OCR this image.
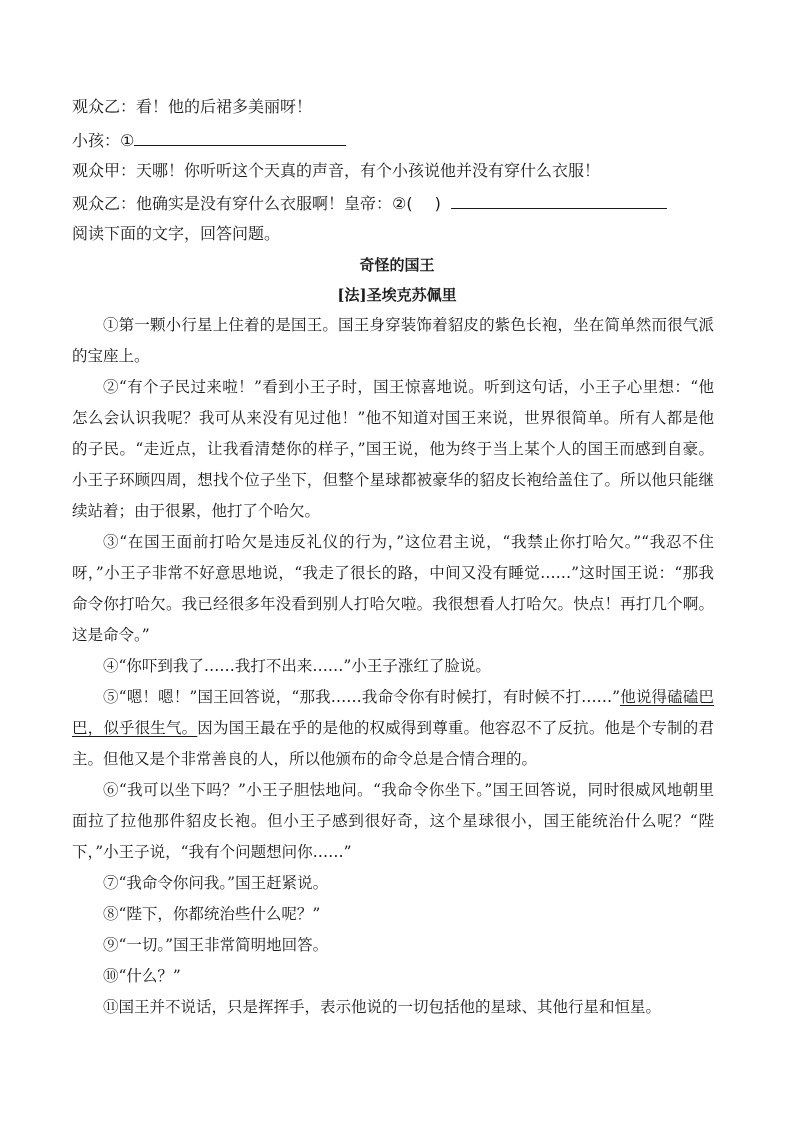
观众乙：看！他的后裙多美丽呀！
小孩：①
观众甲：天哪！你听听这个天真的声音，有个小孩说他并没有穿什么衣服！
观众乙：他确实是没有穿什么衣服啊！皇帝：②( )
阅读下面的文字，回答问题。
奇怪的国王
[法]圣埃克苏佩里

①第一颗小行星上住着的是国王。国王身穿装饰着貂皮的紫色长袍，坐在简单然而很气派的宝座上。

②“有个子民过来啦！”看到小王子时，国王惊喜地说。听到这句话，小王子心里想：“他怎么会认识我呢？我可从来没有见过他！”他不知道对国王来说，世界很简单。所有人都是他的子民。“走近点，让我看清楚你的样子，”国王说，他为终于当上某个人的国王而感到自豪。小王子环顾四周，想找个位子坐下，但整个星球都被豪华的貂皮长袍给盖住了。所以他只能继续站着；由于很累，他打了个哈欠。

③“在国王面前打哈欠是违反礼仪的行为，”这位君主说，“我禁止你打哈欠。”“我忍不住呀，”小王子非常不好意思地说，“我走了很长的路，中间又没有睡觉……”这时国王说：“那我命令你打哈欠。我已经很多年没看到别人打哈欠啦。我很想看人打哈欠。快点！再打几个啊。这是命令。”

④“你吓到我了……我打不出来……”小王子涨红了脸说。

⑤“嗯！嗯！”国王回答说，“那我……我命令你有时候打，有时候不打……”他说得磕磕巴巴，似乎很生气。因为国王最在乎的是他的权威得到尊重。他容忍不了反抗。他是个专制的君主。但他又是个非常善良的人，所以他颁布的命令总是合情合理的。

⑥“我可以坐下吗？”小王子胆怯地问。“我命令你坐下。”国王回答说，同时很威风地朝里面拉了拉他那件貂皮长袍。但小王子感到很好奇，这个星球很小，国王能统治什么呢？“陛下，”小王子说，“我有个问题想问你……”

⑦“我命令你问我。”国王赶紧说。

⑧“陛下，你都统治些什么呢？”

⑨“一切。”国王非常简明地回答。

⑩“什么？”

⑪国王并不说话，只是挥挥手，表示他说的一切包括他的星球、其他行星和恒星。
